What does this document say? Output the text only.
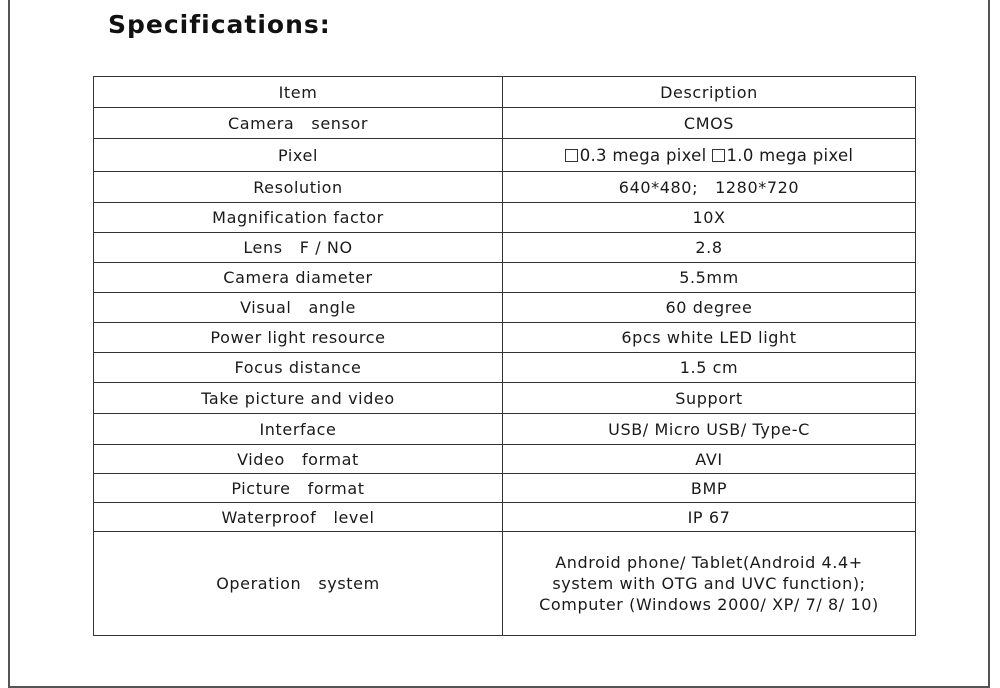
Specifications:
Item	Description
Camera   sensor	CMOS
Pixel	0.3 mega pixel 1.0 mega pixel
Resolution	640*480;   1280*720
Magnification factor	10X
Lens   F / NO	2.8
Camera diameter	5.5mm
Visual   angle	60 degree
Power light resource	6pcs white LED light
Focus distance	1.5 cm
Take picture and video	Support
Interface	USB/ Micro USB/ Type-C
Video   format	AVI
Picture   format	BMP
Waterproof   level	IP 67
Operation   system	Android phone/ Tablet(Android 4.4+ system with OTG and UVC function); Computer (Windows 2000/ XP/ 7/ 8/ 10)
